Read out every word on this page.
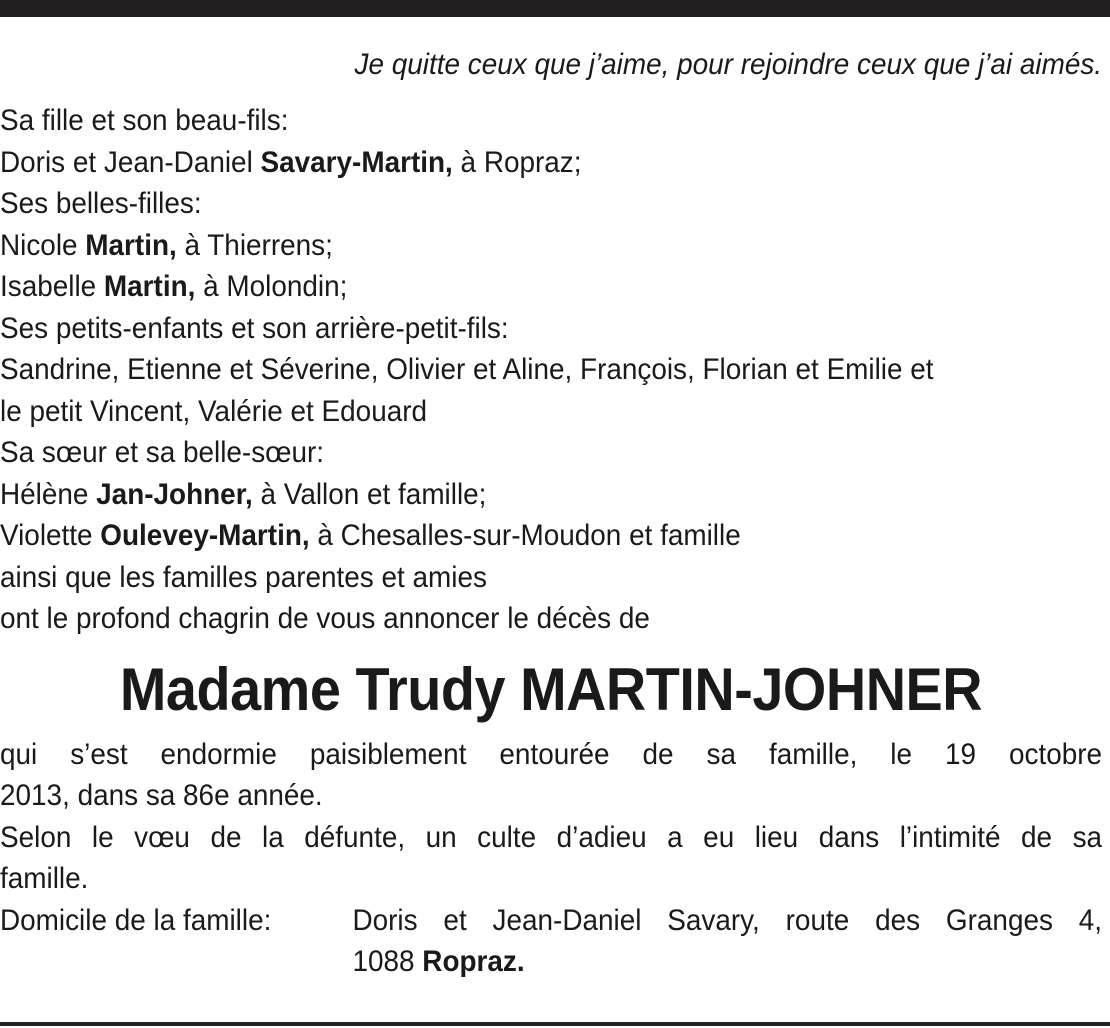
Je quitte ceux que j’aime, pour rejoindre ceux que j’ai aimés.
Sa fille et son beau-fils:
Doris et Jean-Daniel Savary-Martin, à Ropraz;
Ses belles-filles:
Nicole Martin, à Thierrens;
Isabelle Martin, à Molondin;
Ses petits-enfants et son arrière-petit-fils:
Sandrine, Etienne et Séverine, Olivier et Aline, François, Florian et Emilie et
le petit Vincent, Valérie et Edouard
Sa sœur et sa belle-sœur:
Hélène Jan-Johner, à Vallon et famille;
Violette Oulevey-Martin, à Chesalles-sur-Moudon et famille
ainsi que les familles parentes et amies
ont le profond chagrin de vous annoncer le décès de
Madame Trudy MARTIN-JOHNER
qui s’est endormie paisiblement entourée de sa famille, le 19 octobre
2013, dans sa 86e année.
Selon le vœu de la défunte, un culte d’adieu a eu lieu dans l’intimité de sa
famille.
Domicile de la famille:	Doris et Jean-Daniel Savary, route des Granges 4,
1088 Ropraz.
